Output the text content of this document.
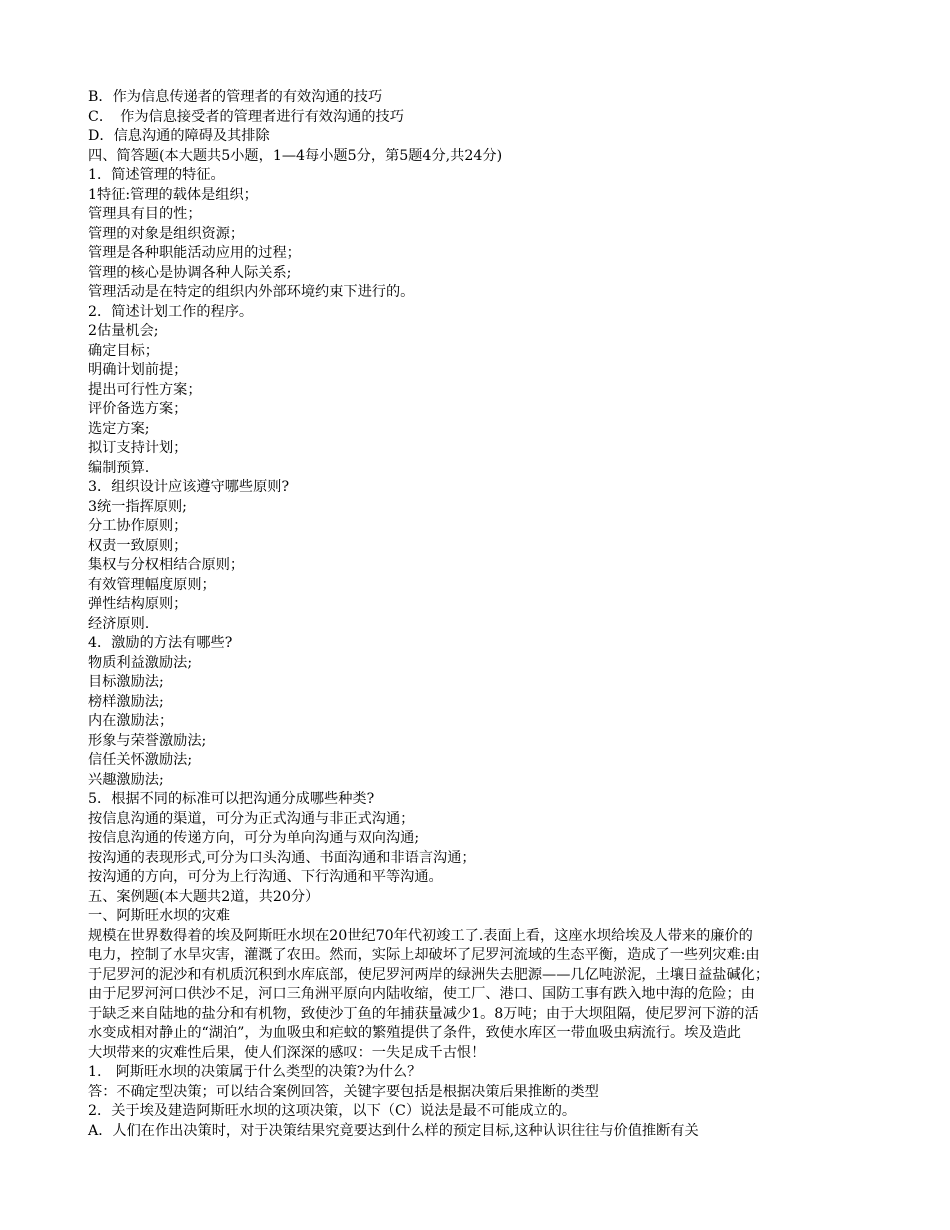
B．作为信息传递者的管理者的有效沟通的技巧
C．　作为信息接受者的管理者进行有效沟通的技巧
D．信息沟通的障碍及其排除
四、简答题(本大题共5小题，1—4每小题5分，第5题4分,共24分)
1．简述管理的特征。
1特征:管理的载体是组织；
管理具有目的性；
管理的对象是组织资源；
管理是各种职能活动应用的过程；
管理的核心是协调各种人际关系;
管理活动是在特定的组织内外部环境约束下进行的。
2．简述计划工作的程序。
2估量机会;
确定目标；
明确计划前提；
提出可行性方案；
评价备选方案；
选定方案;
拟订支持计划；
编制预算.
3．组织设计应该遵守哪些原则?
3统一指挥原则;
分工协作原则；
权责一致原则；
集权与分权相结合原则；
有效管理幅度原则；
弹性结构原则；
经济原则.
4．激励的方法有哪些?
物质利益激励法;
目标激励法;
榜样激励法;
内在激励法；
形象与荣誉激励法;
信任关怀激励法;
兴趣激励法;
5．根据不同的标准可以把沟通分成哪些种类?
按信息沟通的渠道，可分为正式沟通与非正式沟通；
按信息沟通的传递方向，可分为单向沟通与双向沟通;
按沟通的表现形式,可分为口头沟通、书面沟通和非语言沟通；
按沟通的方向，可分为上行沟通、下行沟通和平等沟通。
五、案例题(本大题共2道，共20分）
一、阿斯旺水坝的灾难
规模在世界数得着的埃及阿斯旺水坝在20世纪70年代初竣工了.表面上看，这座水坝给埃及人带来的廉价的
电力，控制了水旱灾害，灌溉了农田。然而，实际上却破坏了尼罗河流域的生态平衡，造成了一些列灾难:由
于尼罗河的泥沙和有机质沉积到水库底部，使尼罗河两岸的绿洲失去肥源——几亿吨淤泥，土壤日益盐碱化；
由于尼罗河河口供沙不足，河口三角洲平原向内陆收缩，使工厂、港口、国防工事有跌入地中海的危险；由
于缺乏来自陆地的盐分和有机物，致使沙丁鱼的年捕获量减少1。8万吨；由于大坝阻隔，使尼罗河下游的活
水变成相对静止的“湖泊”，为血吸虫和疟蚊的繁殖提供了条件，致使水库区一带血吸虫病流行。埃及造此
大坝带来的灾难性后果，使人们深深的感叹：一失足成千古恨！
1.　阿斯旺水坝的决策属于什么类型的决策?为什么？
答：不确定型决策；可以结合案例回答，关键字要包括是根据决策后果推断的类型
2．关于埃及建造阿斯旺水坝的这项决策，以下（C）说法是最不可能成立的。
A．人们在作出决策时，对于决策结果究竟要达到什么样的预定目标,这种认识往往与价值推断有关
